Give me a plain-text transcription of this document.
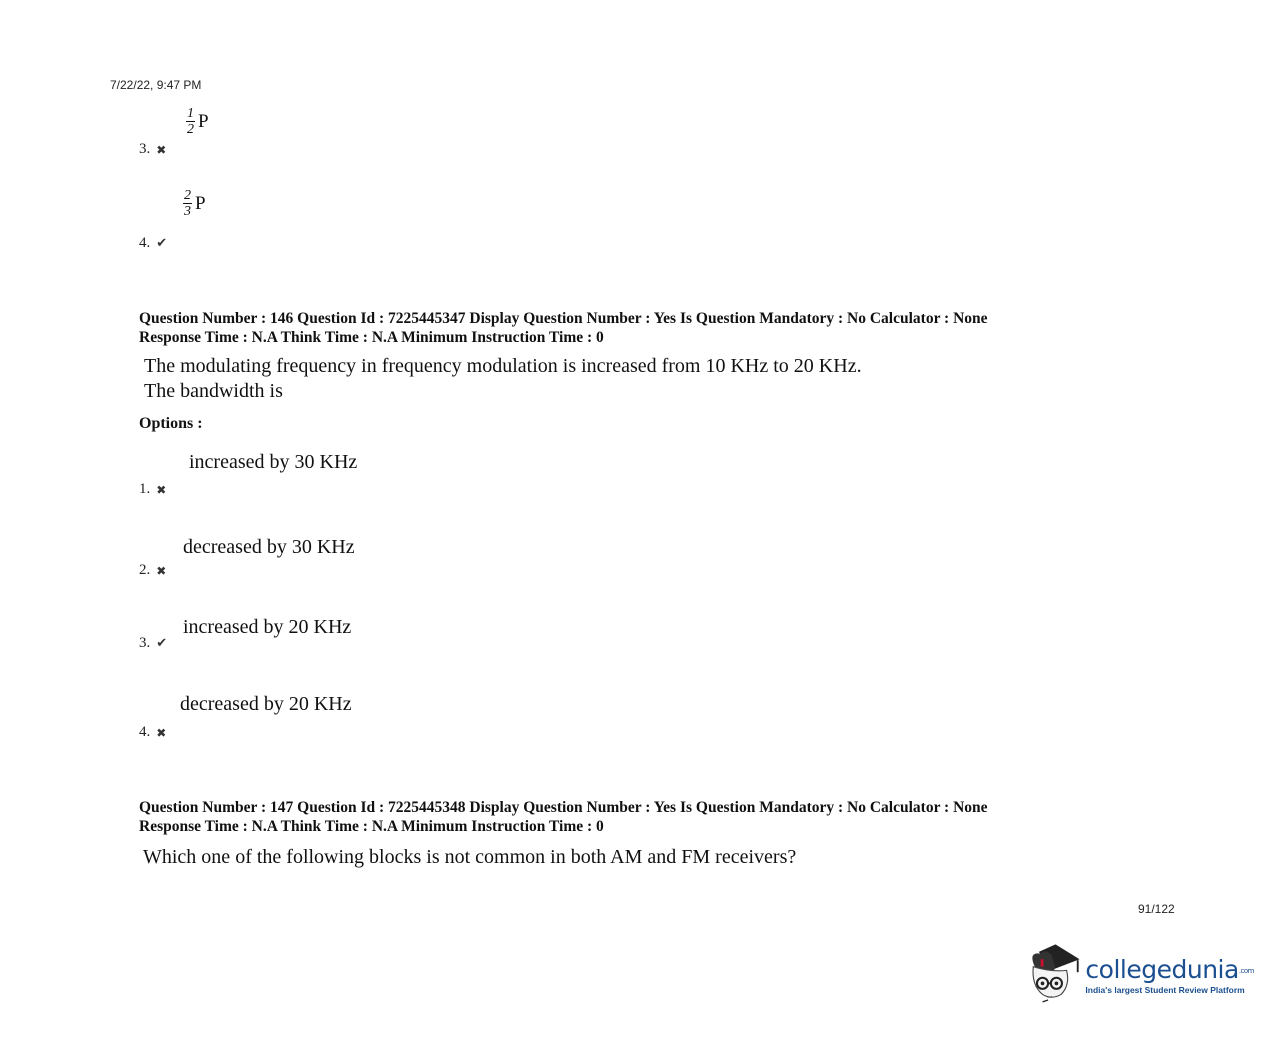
7/22/22, 9:47 PM
$\frac{1}{2}$ P
3. ✖
$\frac{2}{3}$ P
4. ✔
Question Number : 146 Question Id : 7225445347 Display Question Number : Yes Is Question Mandatory : No Calculator : None
Response Time : N.A Think Time : N.A Minimum Instruction Time : 0
The modulating frequency in frequency modulation is increased from 10 KHz to 20 KHz.
The bandwidth is
Options :
increased by 30 KHz
1. ✖
decreased by 30 KHz
2. ✖
increased by 20 KHz
3. ✔
decreased by 20 KHz
4. ✖
Question Number : 147 Question Id : 7225445348 Display Question Number : Yes Is Question Mandatory : No Calculator : None
Response Time : N.A Think Time : N.A Minimum Instruction Time : 0
Which one of the following blocks is not common in both AM and FM receivers?
91/122
collegedunia.com
India's largest Student Review Platform
